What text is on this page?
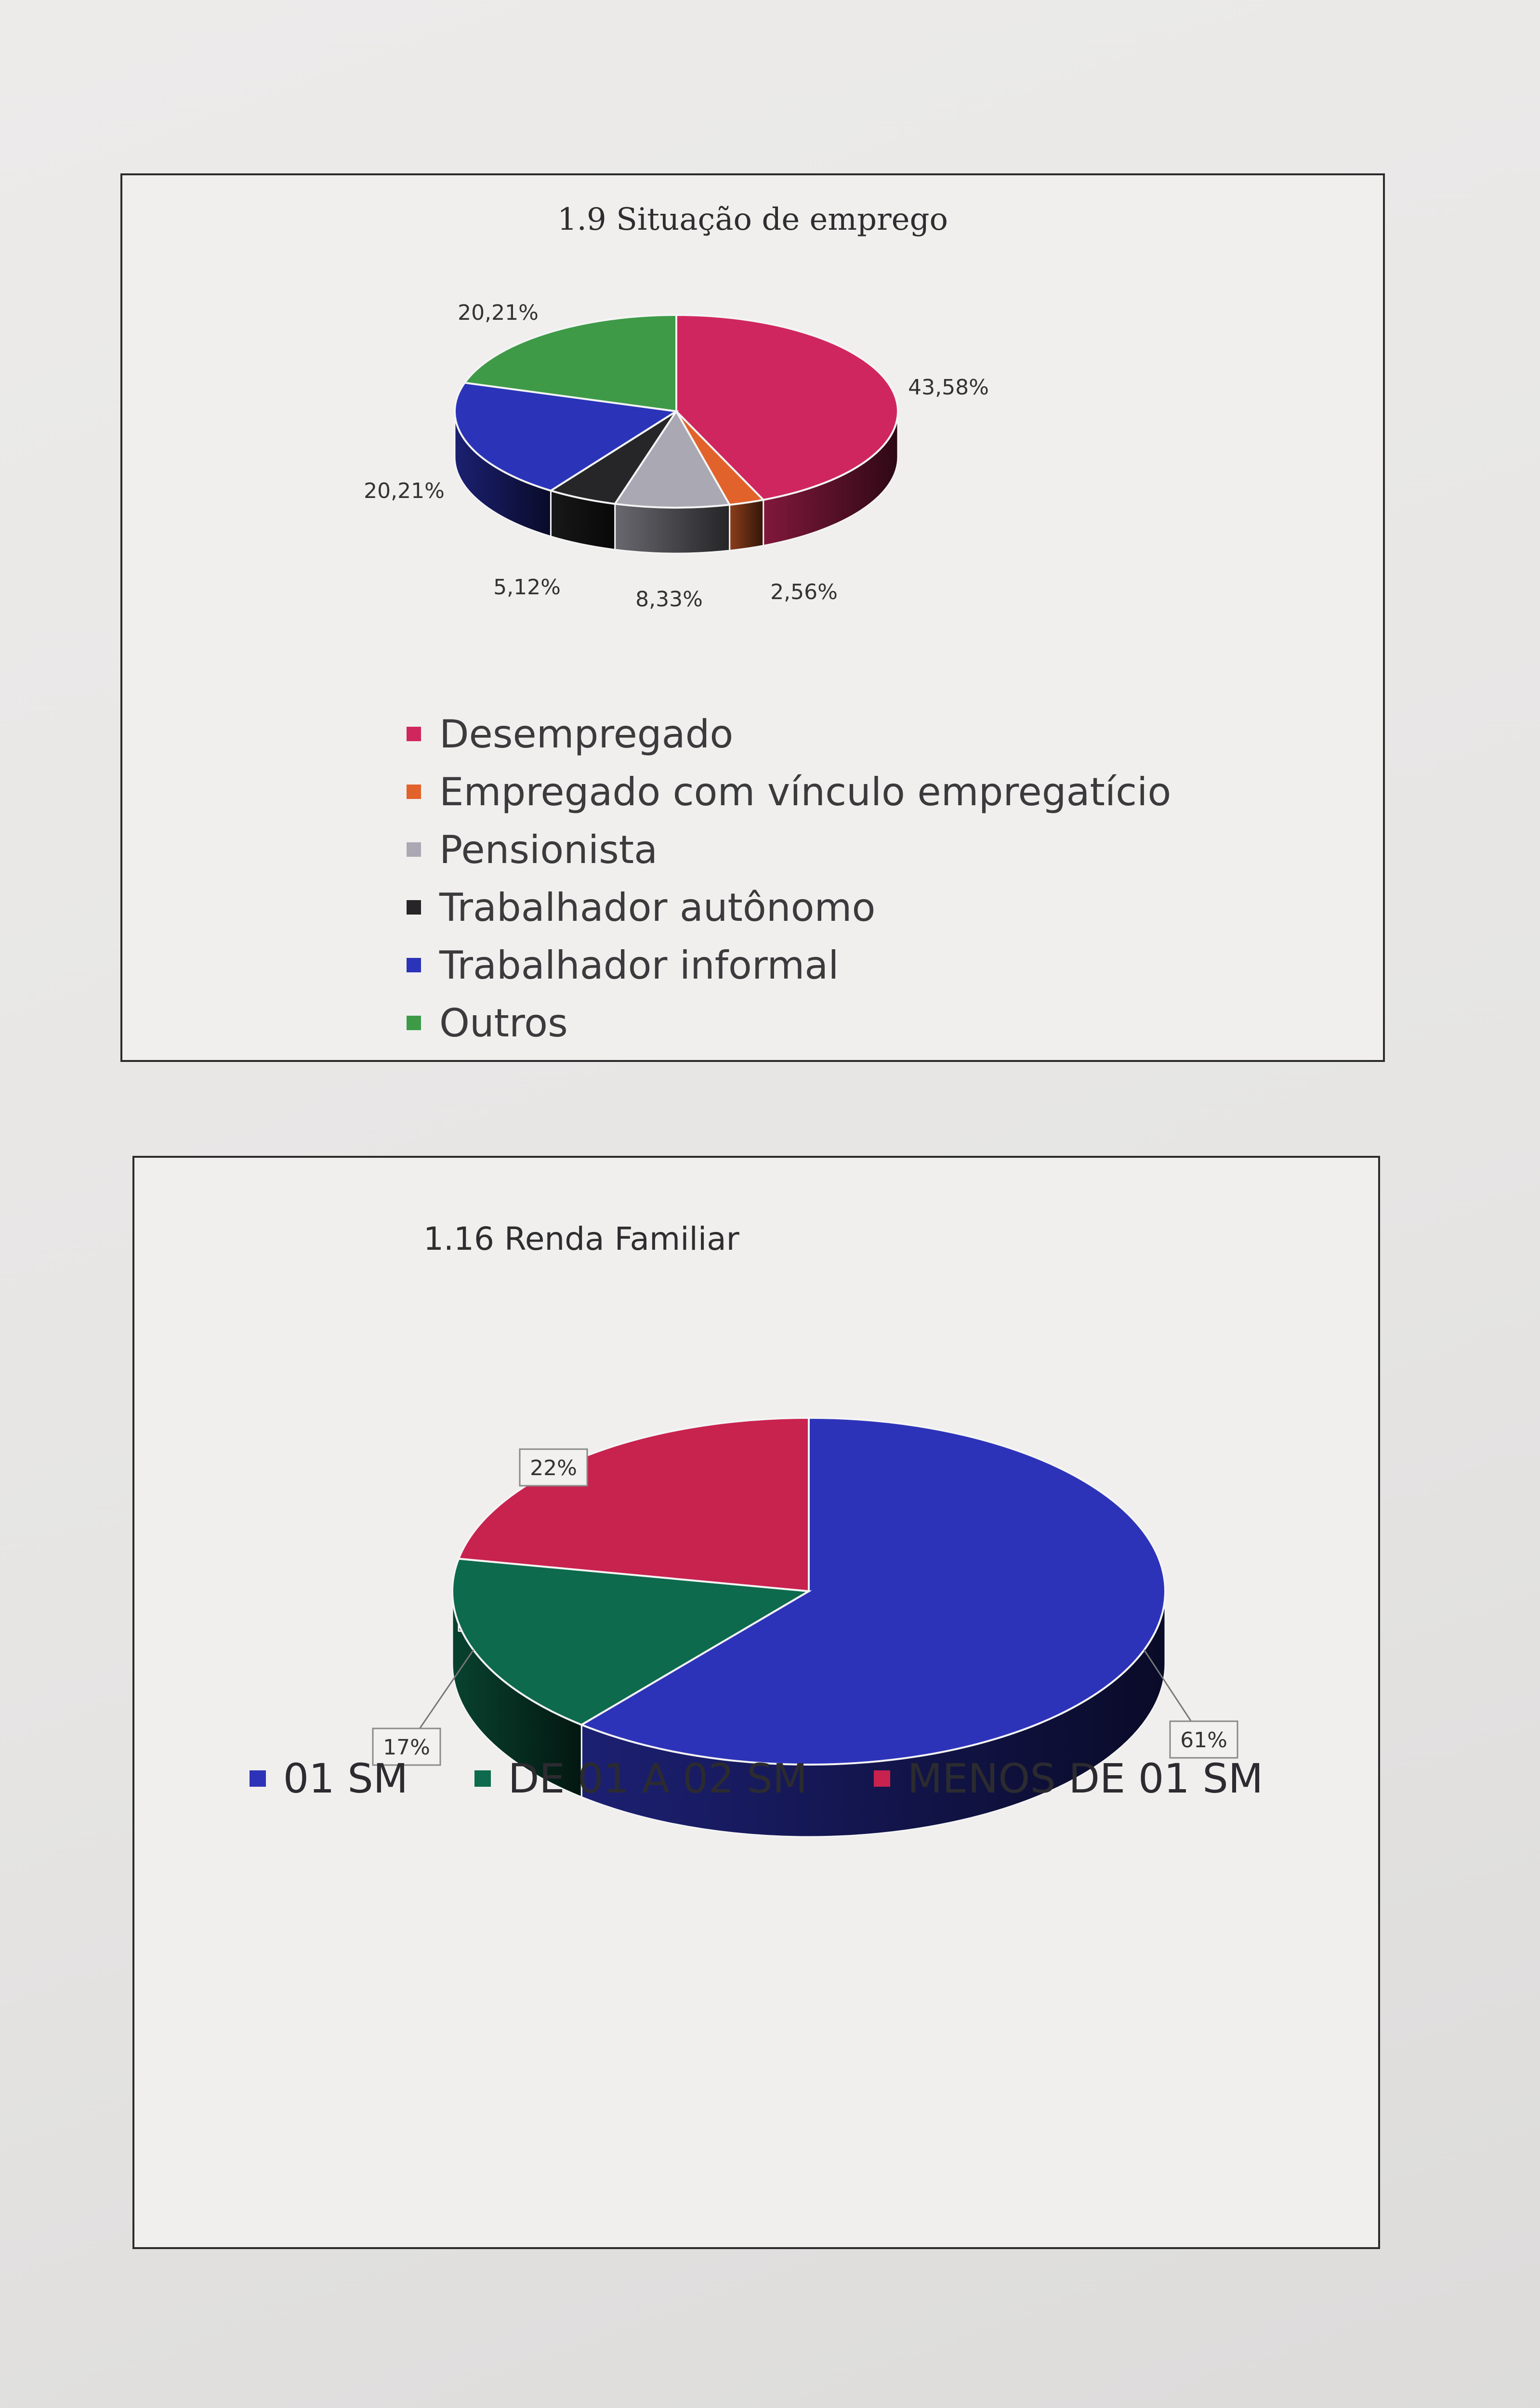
1.9 Situação de emprego
43,58%
2,56%
8,33%
5,12%
20,21%
20,21%
Desempregado
Empregado com vínculo empregatício
Pensionista
Trabalhador autônomo
Trabalhador informal
Outros
1.16 Renda Familiar
61%
17%
22%
01 SM DE 01 A 02 SM MENOS DE 01 SM
